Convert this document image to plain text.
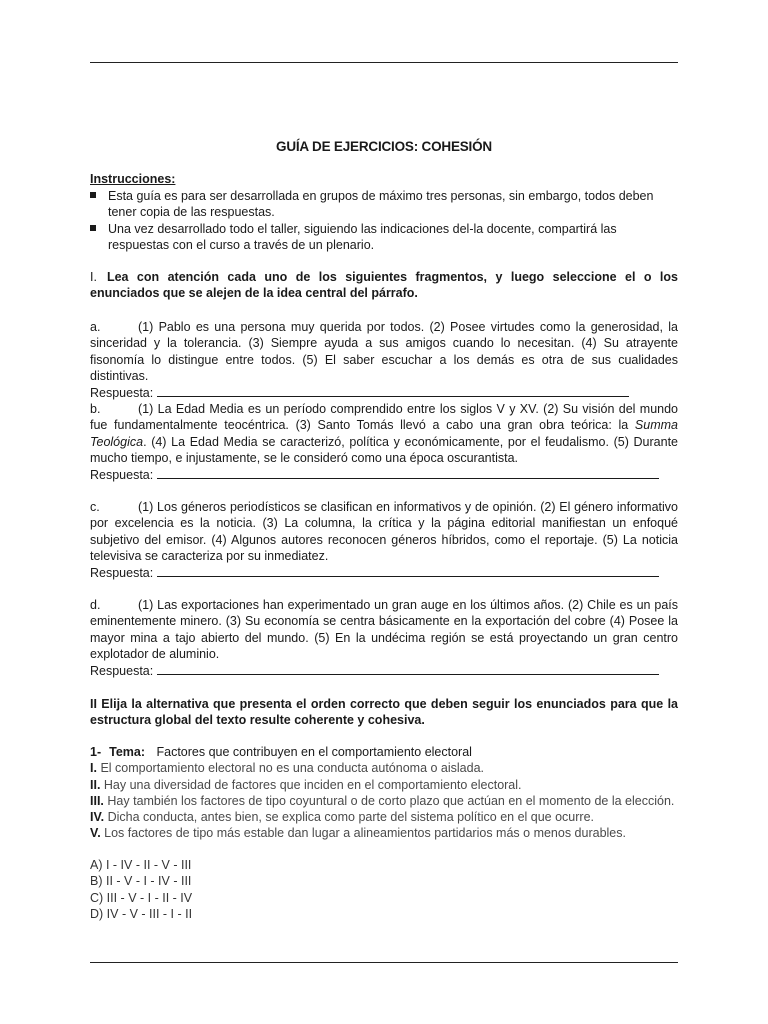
GUÍA DE EJERCICIOS: COHESIÓN
Instrucciones:
Esta guía es para ser desarrollada en grupos de máximo tres personas, sin embargo, todos deben tener copia de las respuestas.
Una vez desarrollado todo el taller, siguiendo las indicaciones del-la docente, compartirá las respuestas con el curso a través de un plenario.
I. Lea con atención cada uno de los siguientes fragmentos, y luego seleccione el o los enunciados que se alejen de la idea central del párrafo.
a.	(1) Pablo es una persona muy querida por todos. (2) Posee virtudes como la generosidad, la sinceridad y la tolerancia. (3) Siempre ayuda a sus amigos cuando lo necesitan. (4) Su atrayente fisonomía lo distingue entre todos. (5) El saber escuchar a los demás es otra de sus cualidades distintivas.
Respuesta:
b.	(1) La Edad Media es un período comprendido entre los siglos V y XV. (2) Su visión del mundo fue fundamentalmente teocéntrica. (3) Santo Tomás llevó a cabo una gran obra teórica: la Summa Teológica. (4) La Edad Media se caracterizó, política y económicamente, por el feudalismo. (5) Durante mucho tiempo, e injustamente, se le consideró como una época oscurantista.
Respuesta:
c.	(1) Los géneros periodísticos se clasifican en informativos y de opinión. (2) El género informativo por excelencia es la noticia. (3) La columna, la crítica y la página editorial manifiestan un enfoqué subjetivo del emisor. (4) Algunos autores reconocen géneros híbridos, como el reportaje. (5) La noticia televisiva se caracteriza por su inmediatez.
Respuesta:
d.	(1) Las exportaciones han experimentado un gran auge en los últimos años. (2) Chile es un país eminentemente minero. (3) Su economía se centra básicamente en la exportación del cobre (4) Posee la mayor mina a tajo abierto del mundo. (5) En la undécima región se está proyectando un gran centro explotador de aluminio.
Respuesta:
II Elija la alternativa que presenta el orden correcto que deben seguir los enunciados para que la estructura global del texto resulte coherente y cohesiva.
1- Tema: Factores que contribuyen en el comportamiento electoral
I. El comportamiento electoral no es una conducta autónoma o aislada.
II. Hay una diversidad de factores que inciden en el comportamiento electoral.
III. Hay también los factores de tipo coyuntural o de corto plazo que actúan en el momento de la elección.
IV. Dicha conducta, antes bien, se explica como parte del sistema político en el que ocurre.
V. Los factores de tipo más estable dan lugar a alineamientos partidarios más o menos durables.
A) I - IV - II - V - III
B) II - V - I - IV - III
C) III - V - I - II - IV
D) IV - V - III - I - II
